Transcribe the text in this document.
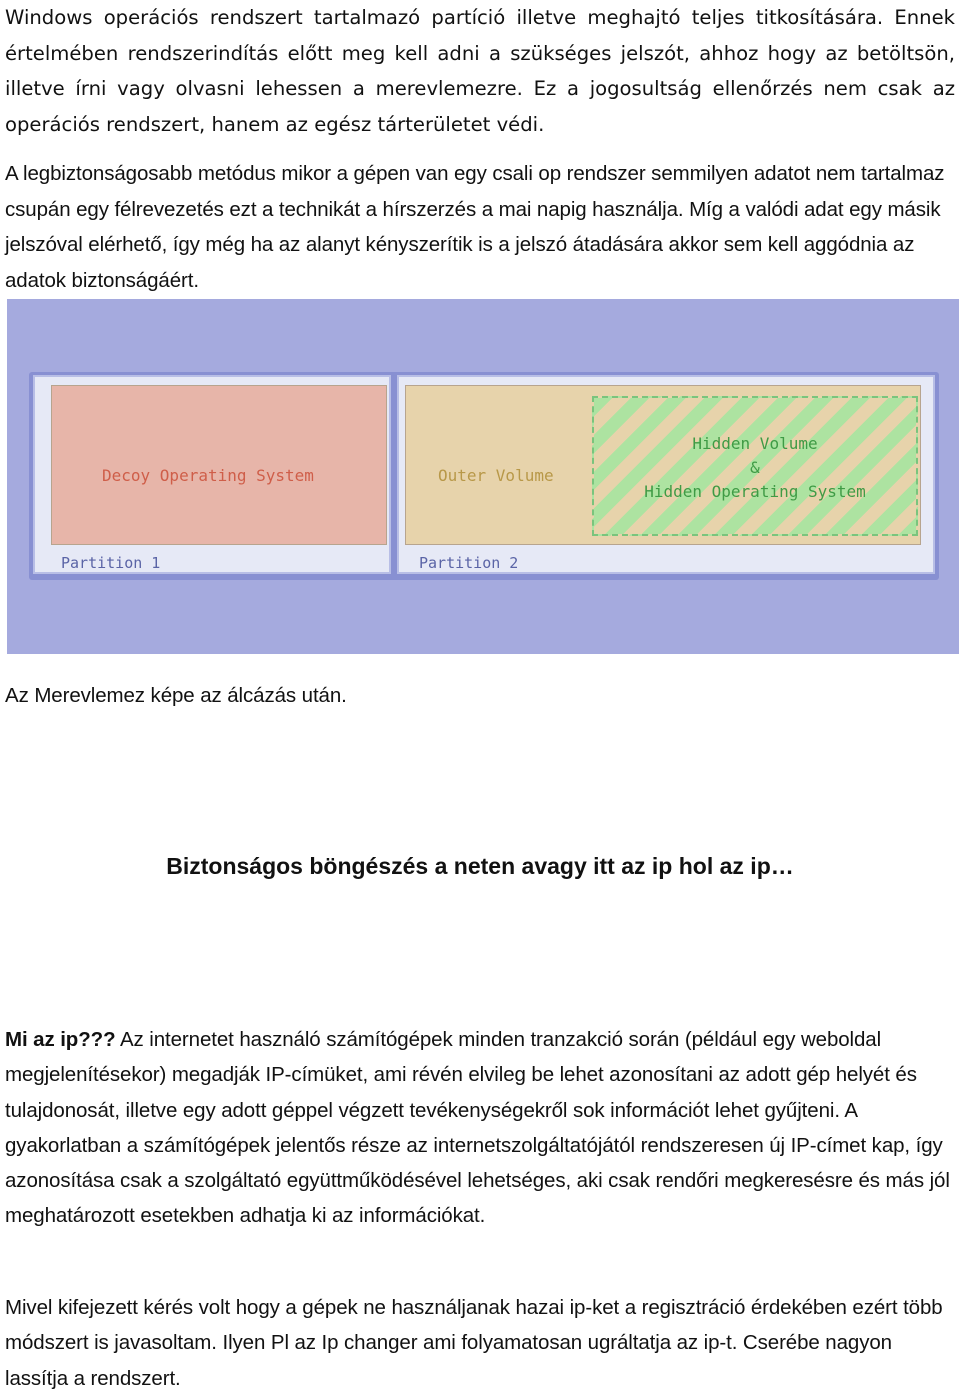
Windows operációs rendszert tartalmazó partíció illetve meghajtó teljes titkosítására. Ennek értelmében rendszerindítás előtt meg kell adni a szükséges jelszót, ahhoz hogy az betöltsön, illetve írni vagy olvasni lehessen a merevlemezre. Ez a jogosultság ellenőrzés nem csak az operációs rendszert, hanem az egész tárterületet védi.

A legbiztonságosabb metódus mikor a gépen van egy csali op rendszer semmilyen adatot nem tartalmaz csupán egy félrevezetés ezt a technikát a hírszerzés a mai napig használja. Míg a valódi adat egy másik jelszóval elérhető, így még ha az alanyt kényszerítik is a jelszó átadására akkor sem kell aggódnia az adatok biztonságáért.

Decoy Operating System
Partition 1
Outer Volume
Hidden Volume
&
Hidden Operating System
Partition 2

Az Merevlemez képe az álcázás után.

Biztonságos böngészés a neten avagy itt az ip hol az ip…

Mi az ip??? Az internetet használó számítógépek minden tranzakció során (például egy weboldal megjelenítésekor) megadják IP-címüket, ami révén elvileg be lehet azonosítani az adott gép helyét és tulajdonosát, illetve egy adott géppel végzett tevékenységekről sok információt lehet gyűjteni. A gyakorlatban a számítógépek jelentős része az internetszolgáltatójától rendszeresen új IP-címet kap, így azonosítása csak a szolgáltató együttműködésével lehetséges, aki csak rendőri megkeresésre és más jól meghatározott esetekben adhatja ki az információkat.

Mivel kifejezett kérés volt hogy a gépek ne használjanak hazai ip-ket a regisztráció érdekében ezért több módszert is javasoltam. Ilyen Pl az Ip changer ami folyamatosan ugráltatja az ip-t. Cserébe nagyon lassítja a rendszert.
